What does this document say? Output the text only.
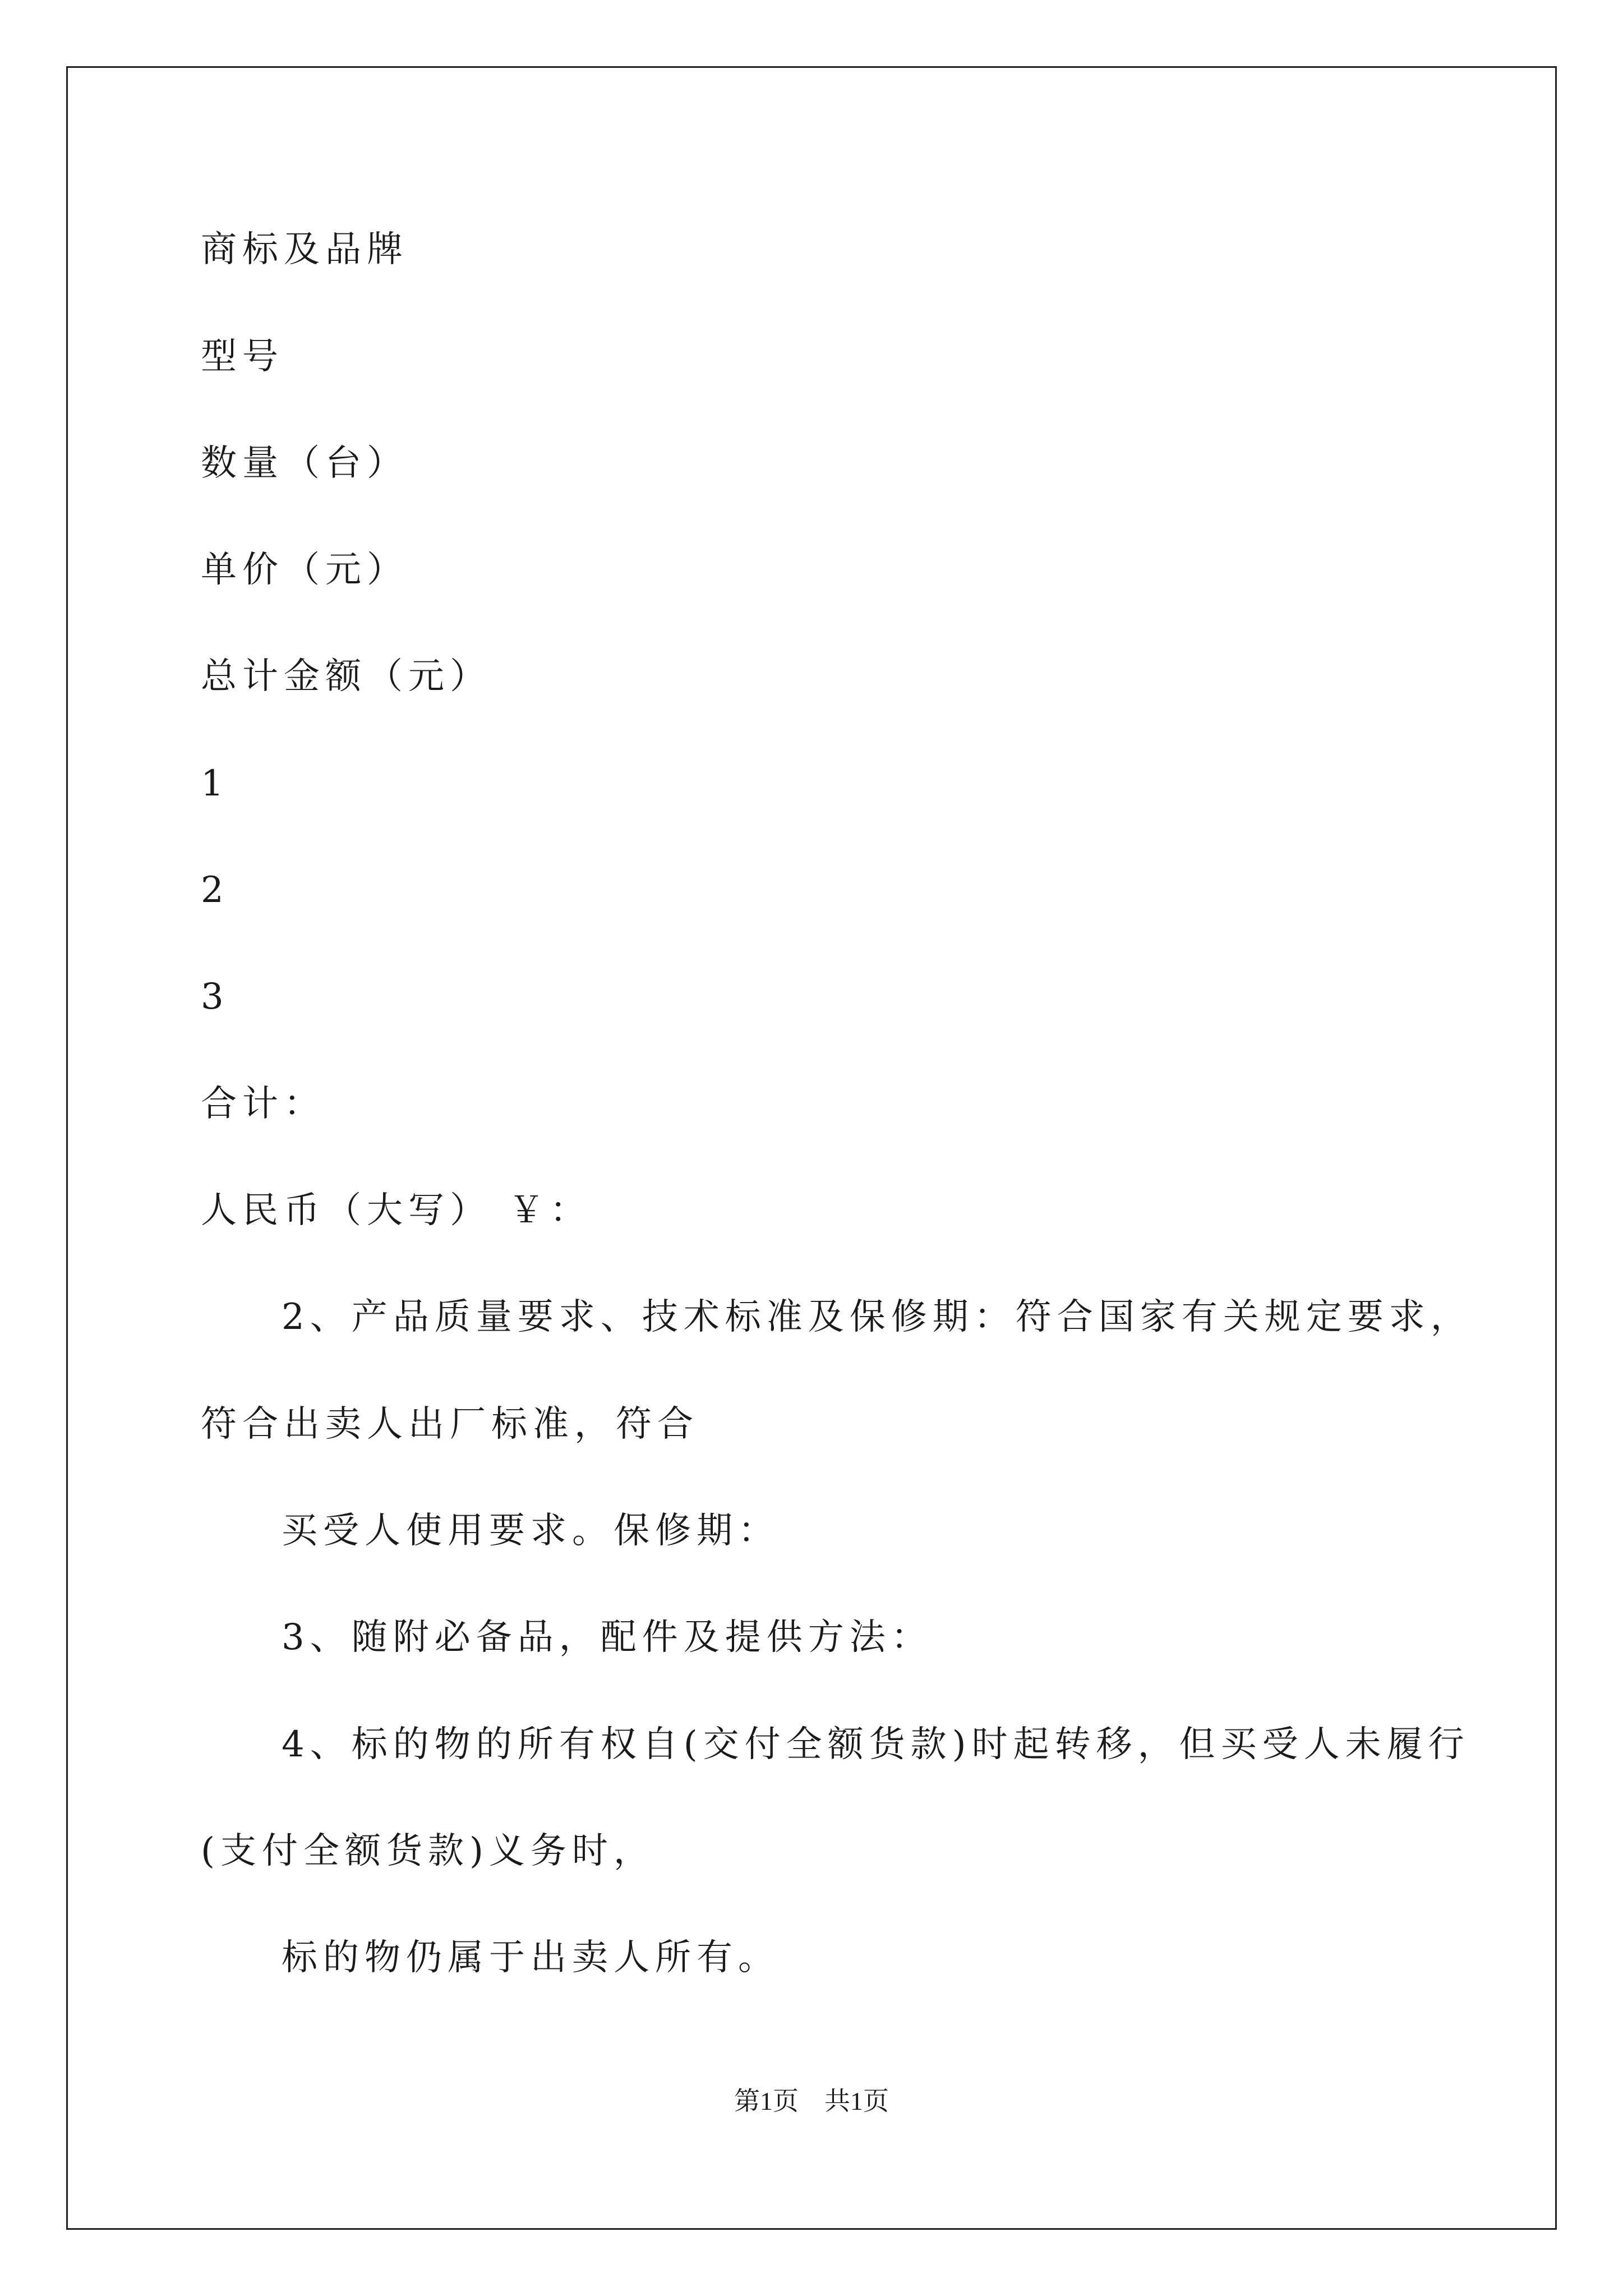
商标及品牌
型号
数量（台）
单价（元）
总计金额（元）
1
2
3
合计：
人民币（大写） ￥：
2、产品质量要求、技术标准及保修期：符合国家有关规定要求，
符合出卖人出厂标准，符合
买受人使用要求。保修期：
3、随附必备品，配件及提供方法：
4、标的物的所有权自(交付全额货款)时起转移，但买受人未履行
(支付全额货款)义务时，
标的物仍属于出卖人所有。
第1页 共1页
